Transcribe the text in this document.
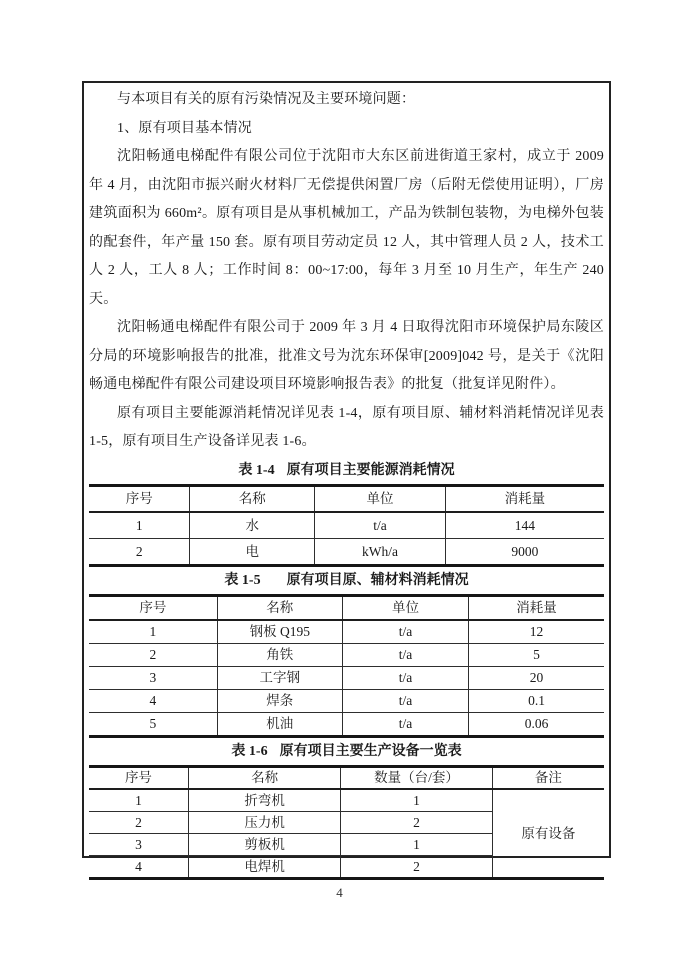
与本项目有关的原有污染情况及主要环境问题：

1、原有项目基本情况

沈阳畅通电梯配件有限公司位于沈阳市大东区前进街道王家村，成立于 2009 年 4 月，由沈阳市振兴耐火材料厂无偿提供闲置厂房（后附无偿使用证明），厂房建筑面积为 660m²。原有项目是从事机械加工，产品为铁制包装物，为电梯外包装的配套件，年产量 150 套。原有项目劳动定员 12 人，其中管理人员 2 人，技术工人 2 人，工人 8 人；工作时间 8：00~17:00，每年 3 月至 10 月生产，年生产 240 天。

沈阳畅通电梯配件有限公司于 2009 年 3 月 4 日取得沈阳市环境保护局东陵区分局的环境影响报告的批准，批准文号为沈东环保审[2009]042 号，是关于《沈阳畅通电梯配件有限公司建设项目环境影响报告表》的批复（批复详见附件）。

原有项目主要能源消耗情况详见表 1-4，原有项目原、辅材料消耗情况详见表 1-5，原有项目生产设备详见表 1-6。

表 1-4 原有项目主要能源消耗情况
序号	名称	单位	消耗量
1	水	t/a	144
2	电	kWh/a	9000
表 1-5 原有项目原、辅材料消耗情况
序号	名称	单位	消耗量
1	钢板 Q195	t/a	12
2	角铁	t/a	5
3	工字钢	t/a	20
4	焊条	t/a	0.1
5	机油	t/a	0.06
表 1-6 原有项目主要生产设备一览表
序号	名称	数量（台/套）	备注
1	折弯机	1	原有设备
2	压力机	2	
3	剪板机	1	
4	电焊机	2	
4
